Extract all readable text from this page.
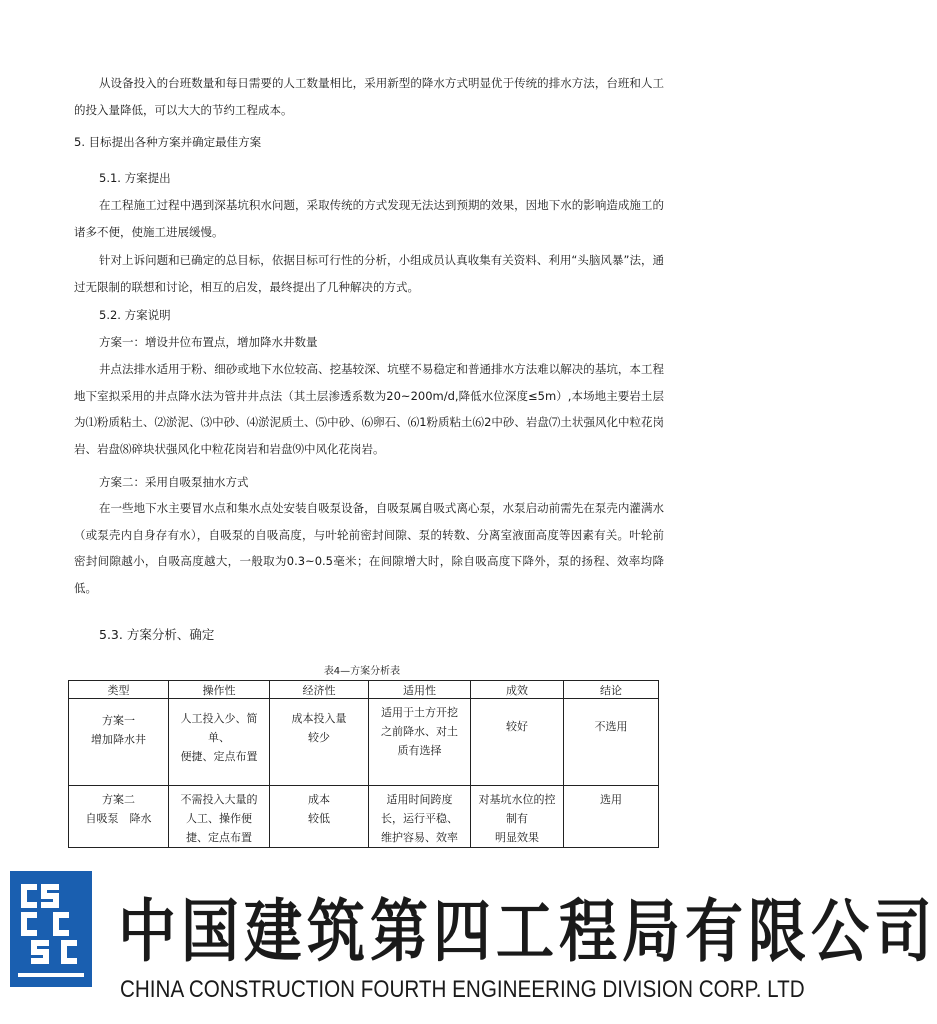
从设备投入的台班数量和每日需要的人工数量相比，采用新型的降水方式明显优于传统的排水方法，台班和人工的投入量降低，可以大大的节约工程成本。

5. 目标提出各种方案并确定最佳方案

5.1. 方案提出

在工程施工过程中遇到深基坑积水问题，采取传统的方式发现无法达到预期的效果，因地下水的影响造成施工的诸多不便，使施工进展缓慢。

针对上诉问题和已确定的总目标，依据目标可行性的分析，小组成员认真收集有关资料、利用“头脑风暴”法，通过无限制的联想和讨论，相互的启发，最终提出了几种解决的方式。

5.2. 方案说明

方案一：增设井位布置点，增加降水井数量

井点法排水适用于粉、细砂或地下水位较高、挖基较深、坑壁不易稳定和普通排水方法难以解决的基坑，本工程地下室拟采用的井点降水法为管井井点法（其土层渗透系数为20~200m/d,降低水位深度≤5m）,本场地主要岩土层为⑴粉质粘土、⑵淤泥、⑶中砂、⑷淤泥质土、⑸中砂、⑹卵石、⑹1粉质粘土⑹2中砂、岩盘⑺土状强风化中粒花岗岩、岩盘⑻碎块状强风化中粒花岗岩和岩盘⑼中风化花岗岩。

方案二：采用自吸泵抽水方式

在一些地下水主要冒水点和集水点处安装自吸泵设备，自吸泵属自吸式离心泵，水泵启动前需先在泵壳内灌满水（或泵壳内自身存有水），自吸泵的自吸高度，与叶轮前密封间隙、泵的转数、分离室液面高度等因素有关。叶轮前密封间隙越小，自吸高度越大，一般取为0.3~0.5毫米；在间隙增大时，除自吸高度下降外，泵的扬程、效率均降低。

5.3. 方案分析、确定

表4—方案分析表
类型	操作性	经济性	适用性	成效	结论

方案一
增加降水井	人工投入少、简
单、
便捷、定点布置	成本投入量
较少	适用于土方开挖
之前降水、对土
质有选择	较好	不选用

方案二
自吸泵　降水	不需投入大量的
人工、操作便
捷、定点布置	成本
较低	适用时间跨度
长，运行平稳、
维护容易、效率	对基坑水位的控
制有
明显效果	选用
中国建筑第四工程局有限公司
CHINA CONSTRUCTION FOURTH ENGINEERING DIVISION CORP. LTD
